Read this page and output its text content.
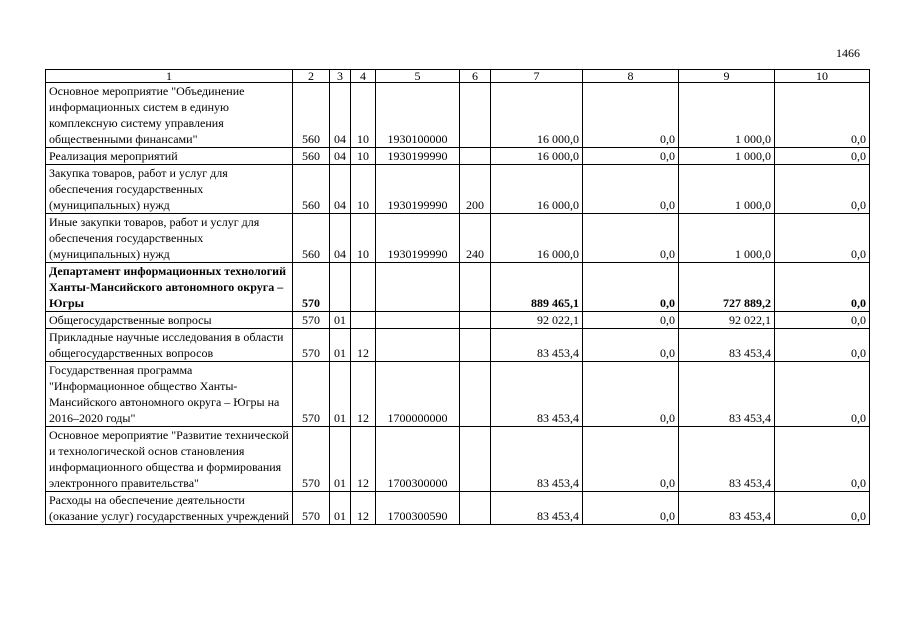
1466
1	2	3	4	5	6	7	8	9	10
Основное мероприятие "Объединение информационных систем в единую комплексную систему управления общественными финансами"	560	04	10	1930100000		16 000,0	0,0	1 000,0	0,0
Реализация мероприятий	560	04	10	1930199990		16 000,0	0,0	1 000,0	0,0
Закупка товаров, работ и услуг для обеспечения государственных (муниципальных) нужд	560	04	10	1930199990	200	16 000,0	0,0	1 000,0	0,0
Иные закупки товаров, работ и услуг для обеспечения государственных (муниципальных) нужд	560	04	10	1930199990	240	16 000,0	0,0	1 000,0	0,0
Департамент информационных технологий Ханты-Мансийского автономного округа – Югры	570					889 465,1	0,0	727 889,2	0,0
Общегосударственные вопросы	570	01				92 022,1	0,0	92 022,1	0,0
Прикладные научные исследования в области общегосударственных вопросов	570	01	12			83 453,4	0,0	83 453,4	0,0
Государственная программа "Информационное общество Ханты-Мансийского автономного округа – Югры на 2016–2020 годы"	570	01	12	1700000000		83 453,4	0,0	83 453,4	0,0
Основное мероприятие "Развитие технической и технологической основ становления информационного общества и формирования электронного правительства"	570	01	12	1700300000		83 453,4	0,0	83 453,4	0,0
Расходы на обеспечение деятельности (оказание услуг) государственных учреждений	570	01	12	1700300590		83 453,4	0,0	83 453,4	0,0
